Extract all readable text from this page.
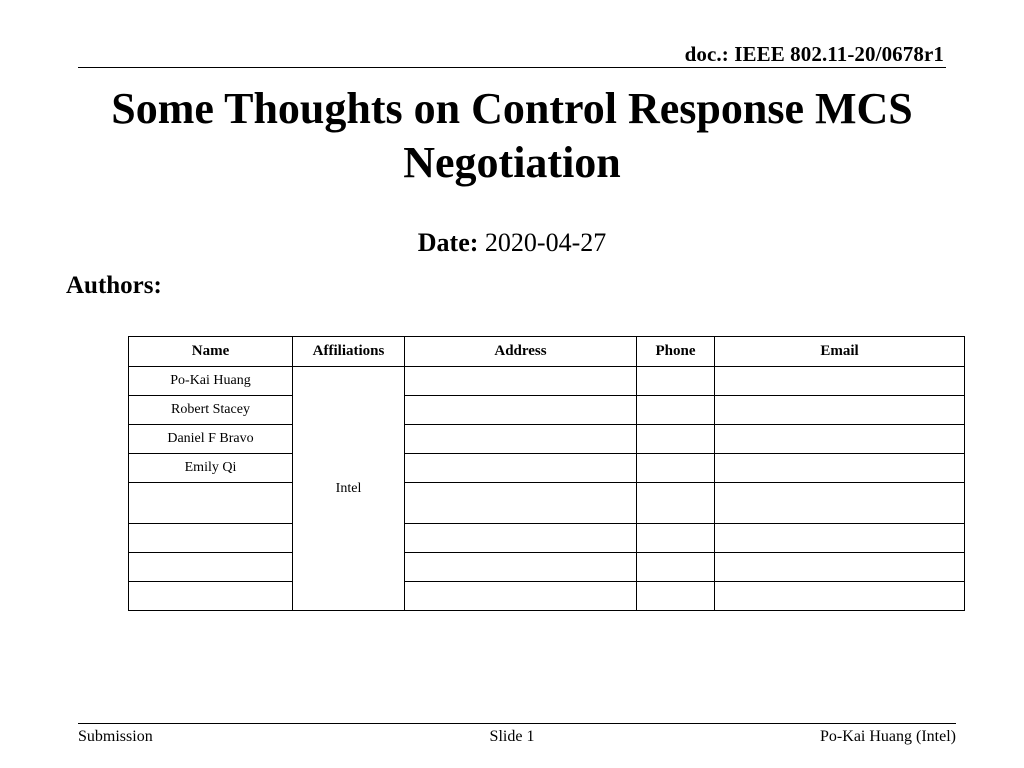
doc.: IEEE 802.11-20/0678r1
Some Thoughts on Control Response MCS
Negotiation
Date: 2020-04-27
Authors:
Name	Affiliations	Address	Phone	Email
Po-Kai Huang	Intel			
Robert Stacey				
Daniel F Bravo				
Emily Qi				

Submission	Slide 1	Po-Kai Huang (Intel)
